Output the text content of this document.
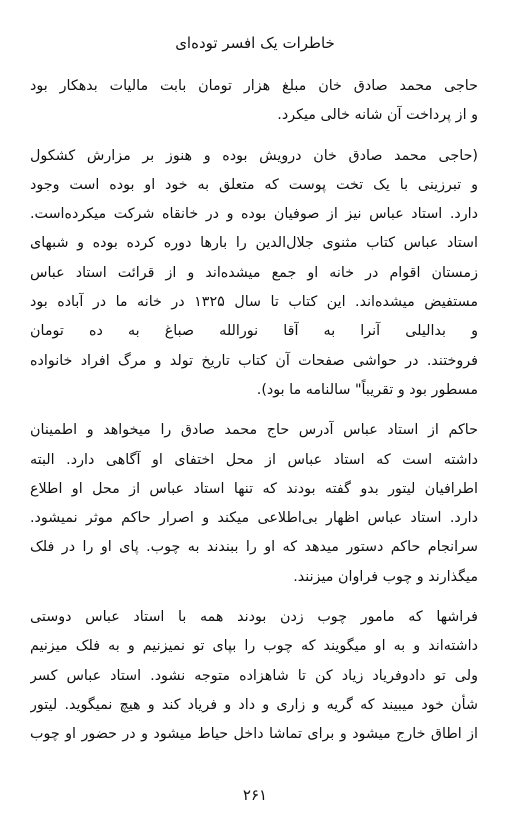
خاطرات یک افسر توده‌ای
حاجی محمد صادق خان مبلغ هزار تومان بابت مالیات بدهکار بود
و از پرداخت آن شانه خالی میکرد.
(حاجی محمد صادق خان درویش بوده و هنوز بر مزارش کشکول
و تبرزینی با یک تخت پوست که متعلق به خود او بوده است وجود
دارد. استاد عباس نیز از صوفیان بوده و در خانقاه شرکت میکرده‌است.
استاد عباس کتاب مثنوی جلال‌الدین را بارها دوره کرده بوده و شبهای
زمستان اقوام در خانه او جمع میشده‌اند و از قرائت استاد عباس
مستفیض میشده‌اند. این کتاب تا سال ۱۳۲۵ در خانه ما در آباده بود
و بدالیلی آنرا به آقا نورالله صباغ به ده تومان
فروختند. در حواشی صفحات آن کتاب تاریخ تولد و مرگ افراد خانواده
مسطور بود و تقریباً" سالنامه ما بود).
حاکم از استاد عباس آدرس حاج محمد صادق را میخواهد و اطمینان
داشته است که استاد عباس از محل اختفای او آگاهی دارد. البته
اطرافیان لیتور بدو گفته بودند که تنها استاد عباس از محل او اطلاع
دارد. استاد عباس اظهار بی‌اطلاعی میکند و اصرار حاکم موثر نمیشود.
سرانجام حاکم دستور میدهد که او را ببندند به چوب. پای او را در فلک
میگذارند و چوب فراوان میزنند.
فراشها که مامور چوب زدن بودند همه با استاد عباس دوستی
داشته‌اند و به او میگویند که چوب را بپای تو نمیزنیم و به فلک میزنیم
ولی تو دادوفریاد زیاد کن تا شاهزاده متوجه نشود. استاد عباس کسر
شأن خود میبیند که گریه و زاری و داد و فریاد کند و هیچ نمیگوید. لیتور
از اطاق خارج میشود و برای تماشا داخل حیاط میشود و در حضور او چوب
۲۶۱
